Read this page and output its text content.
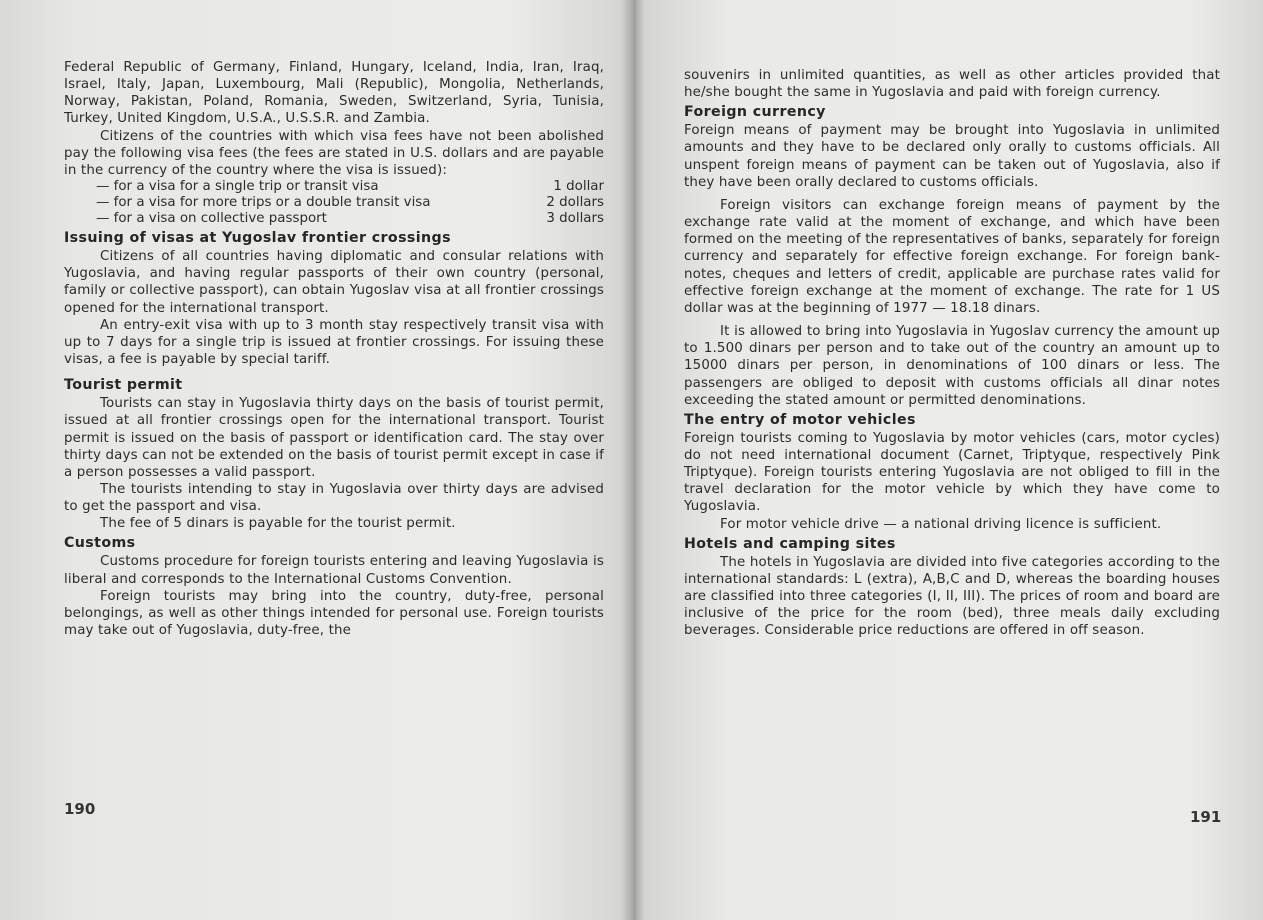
Federal Republic of Germany, Finland, Hungary, Iceland, India, Iran, Iraq, Israel, Italy, Japan, Luxembourg, Mali (Republic), Mongolia, Netherlands, Norway, Pakistan, Poland, Romania, Sweden, Switzerland, Syria, Tunisia, Turkey, United Kingdom, U.S.A., U.S.S.R. and Zambia.

Citizens of the countries with which visa fees have not been abolished pay the following visa fees (the fees are stated in U.S. dollars and are payable in the currency of the country where the visa is issued):

— for a visa for a single trip or transit visa	1 dollar
— for a visa for more trips or a double transit visa	2 dollars
— for a visa on collective passport	3 dollars
Issuing of visas at Yugoslav frontier crossings

Citizens of all countries having diplomatic and consular relations with Yugoslavia, and having regular passports of their own country (personal, family or collective passport), can obtain Yugoslav visa at all frontier crossings opened for the international transport.

An entry-exit visa with up to 3 month stay respectively transit visa with up to 7 days for a single trip is issued at frontier crossings. For issuing these visas, a fee is payable by special tariff.

Tourist permit

Tourists can stay in Yugoslavia thirty days on the basis of tourist permit, issued at all frontier crossings open for the international transport. Tourist permit is issued on the basis of passport or identification card. The stay over thirty days can not be extended on the basis of tourist permit except in case if a person possesses a valid passport.

The tourists intending to stay in Yugoslavia over thirty days are advised to get the passport and visa.

The fee of 5 dinars is payable for the tourist permit.

Customs

Customs procedure for foreign tourists entering and leaving Yugoslavia is liberal and corresponds to the International Customs Convention.

Foreign tourists may bring into the country, duty-free, personal belongings, as well as other things intended for personal use. Foreign tourists may take out of Yugoslavia, duty-free, the

190

souvenirs in unlimited quantities, as well as other articles provided that he/she bought the same in Yugoslavia and paid with foreign currency.

Foreign currency

Foreign means of payment may be brought into Yugoslavia in unlimited amounts and they have to be declared only orally to customs officials. All unspent foreign means of payment can be taken out of Yugoslavia, also if they have been orally declared to customs officials.

Foreign visitors can exchange foreign means of payment by the exchange rate valid at the moment of exchange, and which have been formed on the meeting of the representatives of banks, separately for foreign currency and separately for effective foreign exchange. For foreign bank-notes, cheques and letters of credit, applicable are purchase rates valid for effective foreign exchange at the moment of exchange. The rate for 1 US dollar was at the beginning of 1977 — 18.18 dinars.

It is allowed to bring into Yugoslavia in Yugoslav currency the amount up to 1.500 dinars per person and to take out of the country an amount up to 15000 dinars per person, in denominations of 100 dinars or less. The passengers are obliged to deposit with customs officials all dinar notes exceeding the stated amount or permitted denominations.

The entry of motor vehicles

Foreign tourists coming to Yugoslavia by motor vehicles (cars, motor cycles) do not need international document (Carnet, Triptyque, respectively Pink Triptyque). Foreign tourists entering Yugoslavia are not obliged to fill in the travel declaration for the motor vehicle by which they have come to Yugoslavia.

For motor vehicle drive — a national driving licence is sufficient.

Hotels and camping sites

The hotels in Yugoslavia are divided into five categories according to the international standards: L (extra), A,B,C and D, whereas the boarding houses are classified into three categories (I, II, III). The prices of room and board are inclusive of the price for the room (bed), three meals daily excluding beverages. Considerable price reductions are offered in off season.

191
